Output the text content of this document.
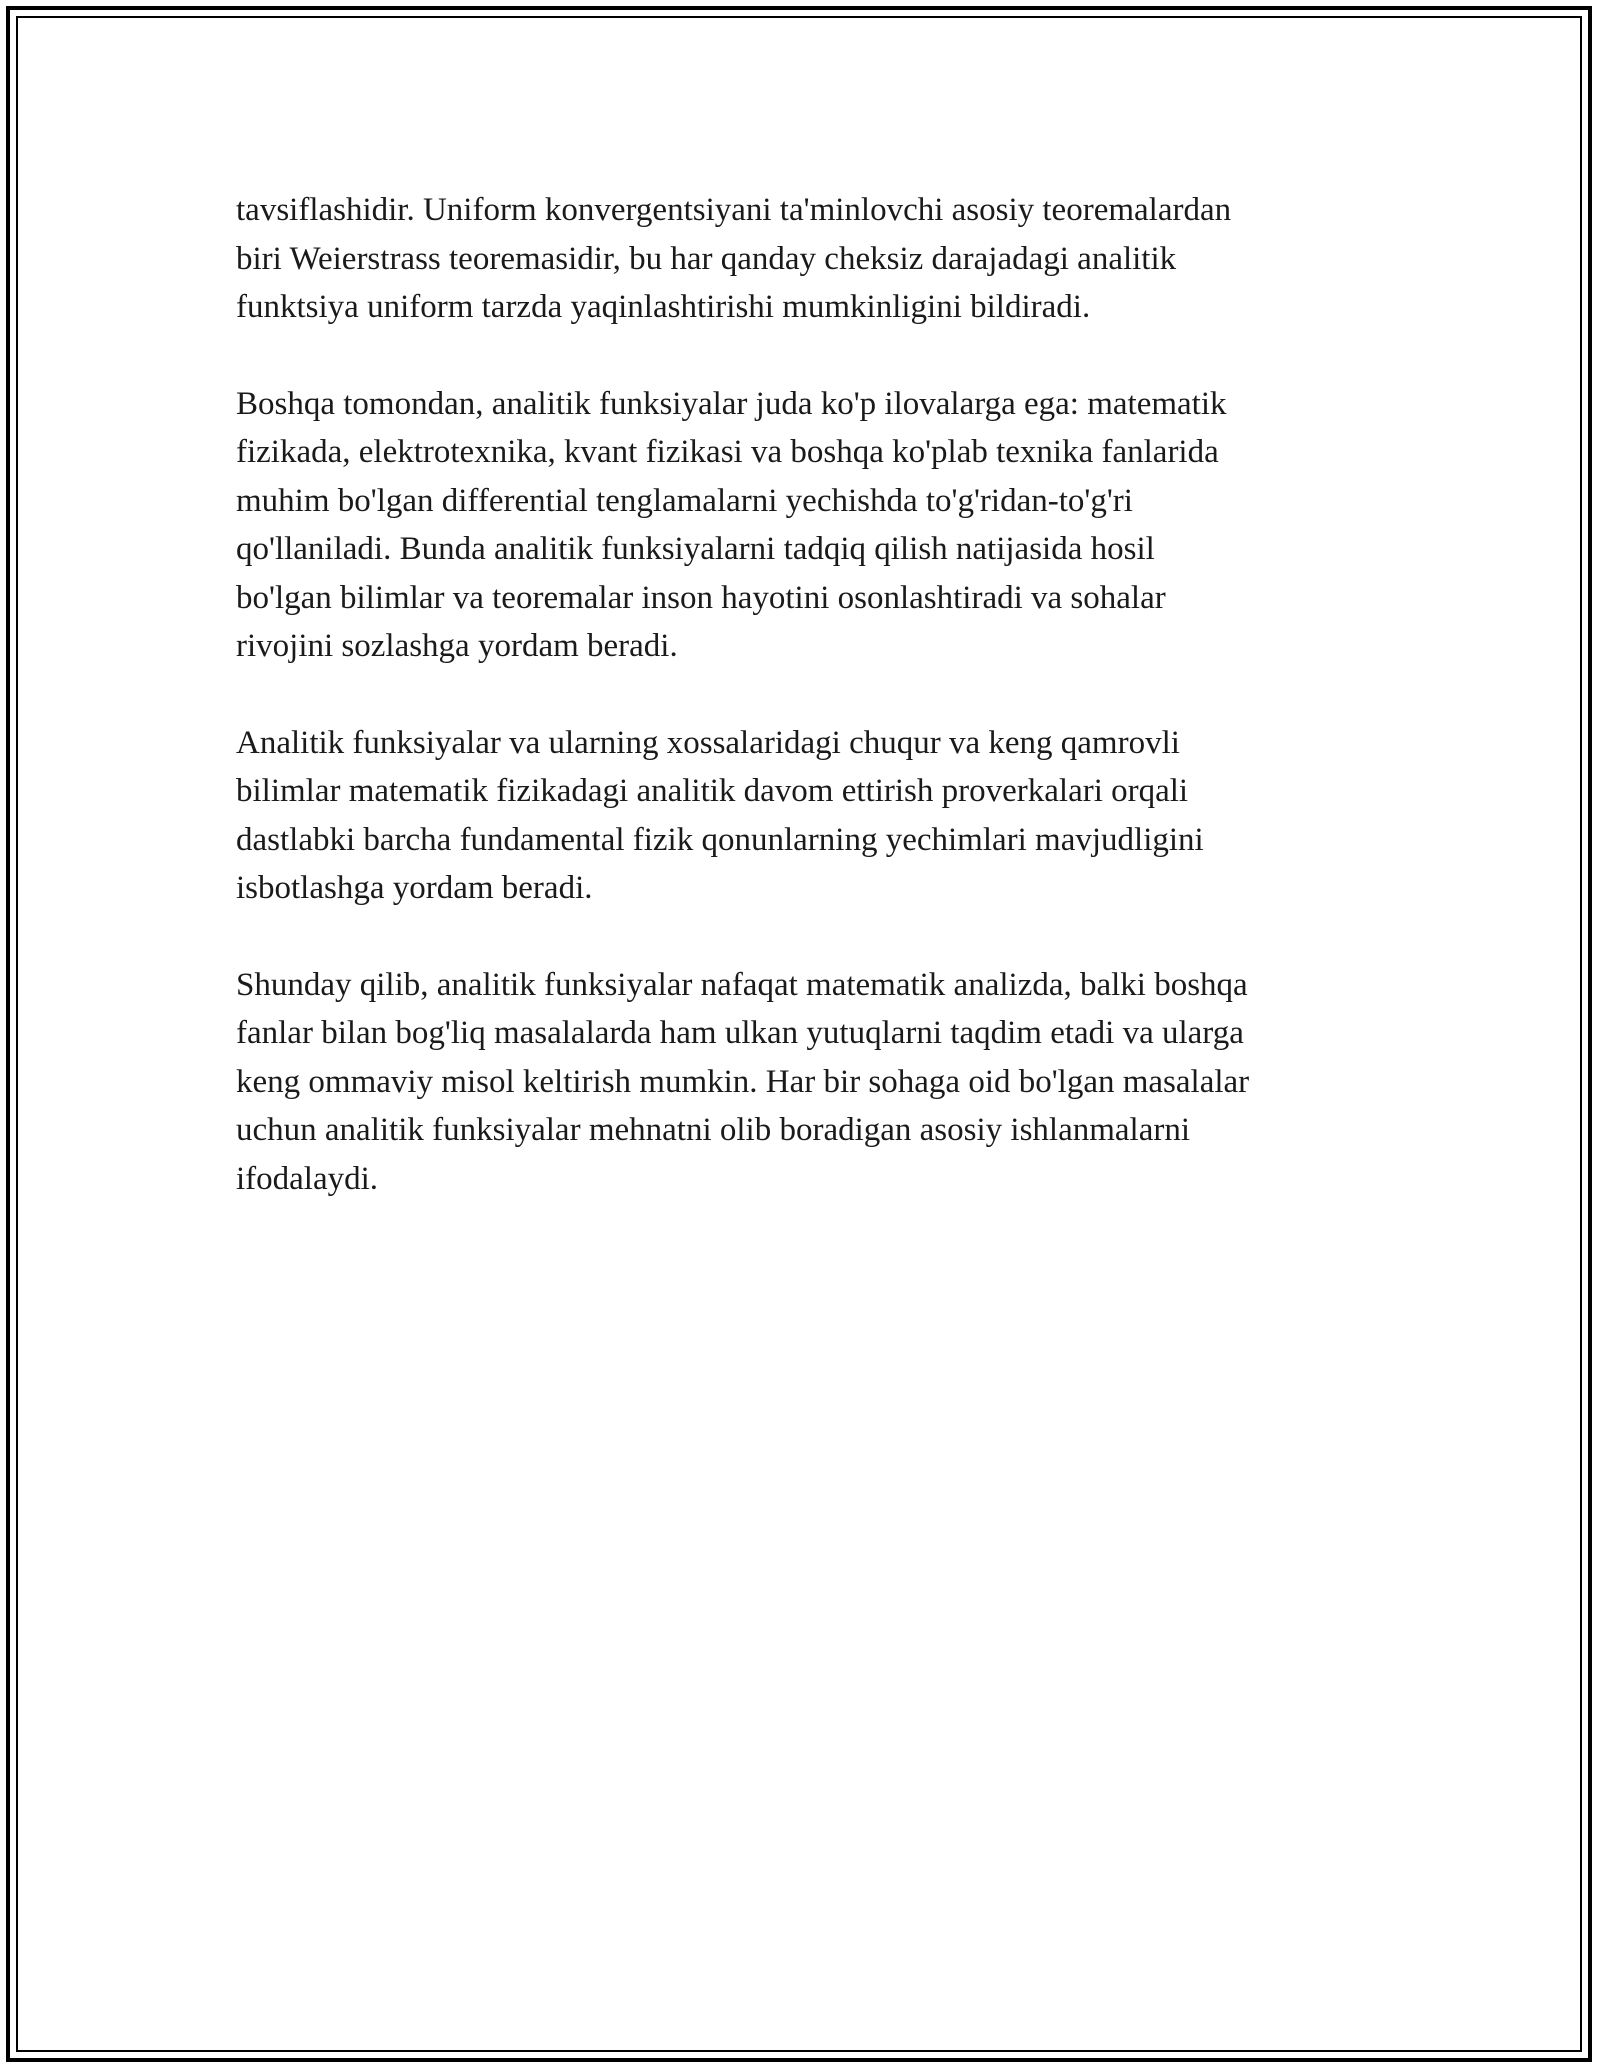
tavsiflashidir. Uniform konvergentsiyani ta'minlovchi asosiy teoremalardan
biri Weierstrass teoremasidir, bu har qanday cheksiz darajadagi analitik
funktsiya uniform tarzda yaqinlashtirishi mumkinligini bildiradi.

Boshqa tomondan, analitik funksiyalar juda ko'p ilovalarga ega: matematik
fizikada, elektrotexnika, kvant fizikasi va boshqa ko'plab texnika fanlarida
muhim bo'lgan differential tenglamalarni yechishda to'g'ridan-to'g'ri
qo'llaniladi. Bunda analitik funksiyalarni tadqiq qilish natijasida hosil
bo'lgan bilimlar va teoremalar inson hayotini osonlashtiradi va sohalar
rivojini sozlashga yordam beradi.

Analitik funksiyalar va ularning xossalaridagi chuqur va keng qamrovli
bilimlar matematik fizikadagi analitik davom ettirish proverkalari orqali
dastlabki barcha fundamental fizik qonunlarning yechimlari mavjudligini
isbotlashga yordam beradi.

Shunday qilib, analitik funksiyalar nafaqat matematik analizda, balki boshqa
fanlar bilan bog'liq masalalarda ham ulkan yutuqlarni taqdim etadi va ularga
keng ommaviy misol keltirish mumkin. Har bir sohaga oid bo'lgan masalalar
uchun analitik funksiyalar mehnatni olib boradigan asosiy ishlanmalarni
ifodalaydi.
